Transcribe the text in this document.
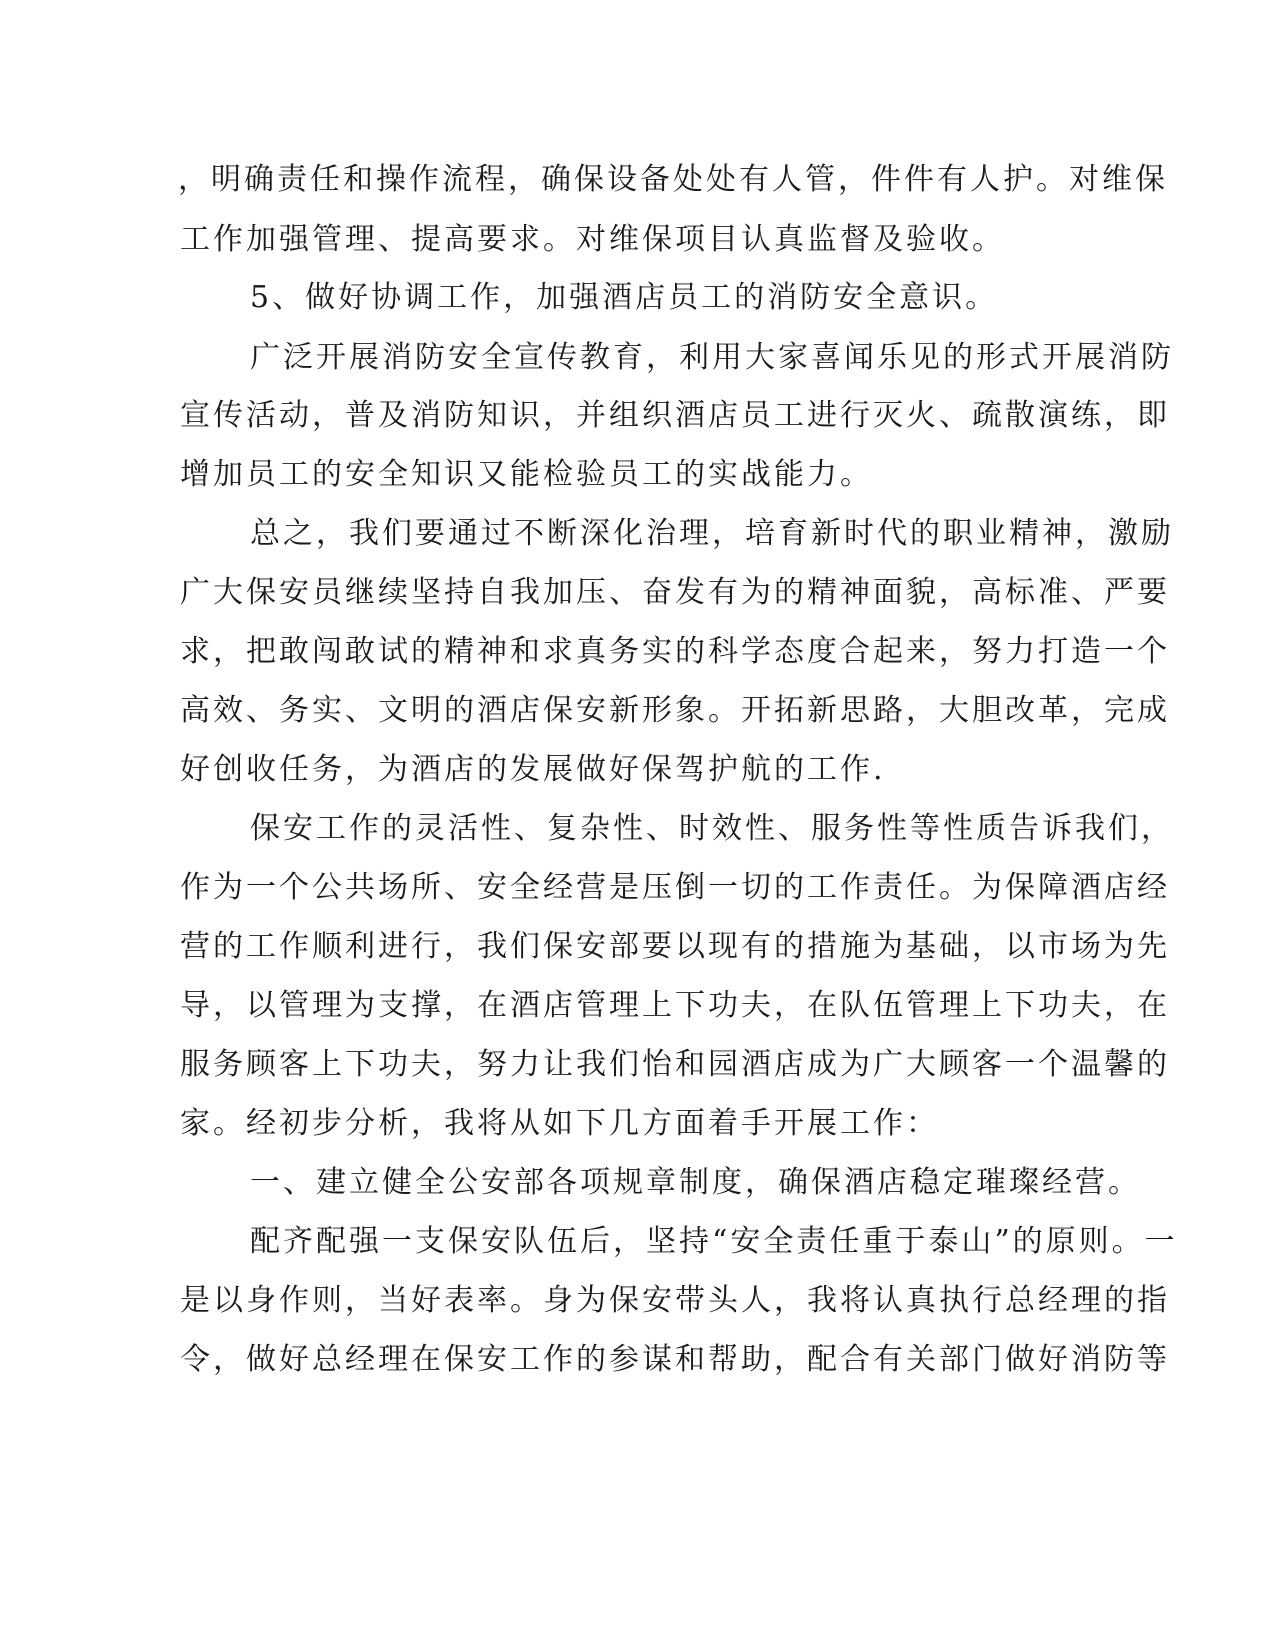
，明确责任和操作流程，确保设备处处有人管，件件有人护。对维保
工作加强管理、提高要求。对维保项目认真监督及验收。
5、做好协调工作，加强酒店员工的消防安全意识。
广泛开展消防安全宣传教育，利用大家喜闻乐见的形式开展消防
宣传活动，普及消防知识，并组织酒店员工进行灭火、疏散演练，即
增加员工的安全知识又能检验员工的实战能力。
总之，我们要通过不断深化治理，培育新时代的职业精神，激励
广大保安员继续坚持自我加压、奋发有为的精神面貌，高标准、严要
求，把敢闯敢试的精神和求真务实的科学态度合起来，努力打造一个
高效、务实、文明的酒店保安新形象。开拓新思路，大胆改革，完成
好创收任务，为酒店的发展做好保驾护航的工作.
保安工作的灵活性、复杂性、时效性、服务性等性质告诉我们，
作为一个公共场所、安全经营是压倒一切的工作责任。为保障酒店经
营的工作顺利进行，我们保安部要以现有的措施为基础，以市场为先
导，以管理为支撑，在酒店管理上下功夫，在队伍管理上下功夫，在
服务顾客上下功夫，努力让我们怡和园酒店成为广大顾客一个温馨的
家。经初步分析，我将从如下几方面着手开展工作：
一、建立健全公安部各项规章制度，确保酒店稳定璀璨经营。
配齐配强一支保安队伍后，坚持“安全责任重于泰山”的原则。一
是以身作则，当好表率。身为保安带头人，我将认真执行总经理的指
令，做好总经理在保安工作的参谋和帮助，配合有关部门做好消防等
